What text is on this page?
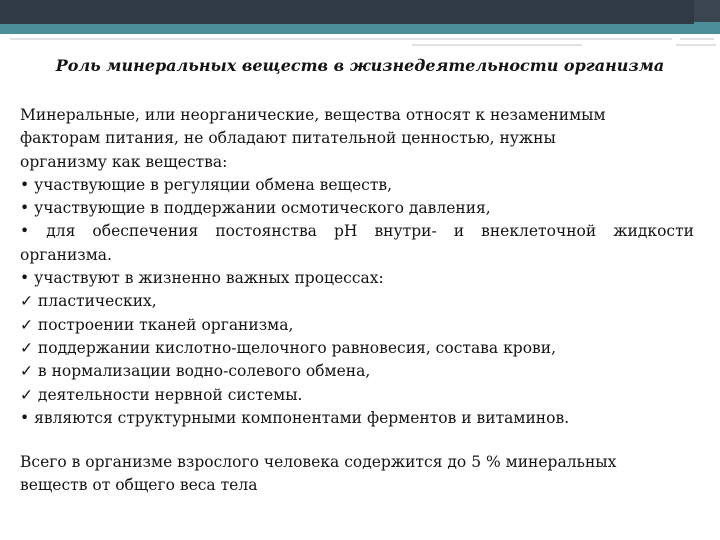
Роль минеральных веществ в жизнедеятельности организма

Минеральные, или неорганические, вещества относят к незаменимым

факторам питания, не обладают питательной ценностью, нужны

организму как вещества:

• участвующие в регуляции обмена веществ,

• участвующие в поддержании осмотического давления,

• для обеспечения постоянства pH внутри- и внеклеточной жидкости

организма.

• участвуют в жизненно важных процессах:

✓ пластических,

✓ построении тканей организма,

✓ поддержании кислотно-щелочного равновесия, состава крови,

✓ в нормализации водно-солевого обмена,

✓ деятельности нервной системы.

• являются структурными компонентами ферментов и витаминов.

Всего в организме взрослого человека содержится до 5 % минеральных

веществ от общего веса тела
